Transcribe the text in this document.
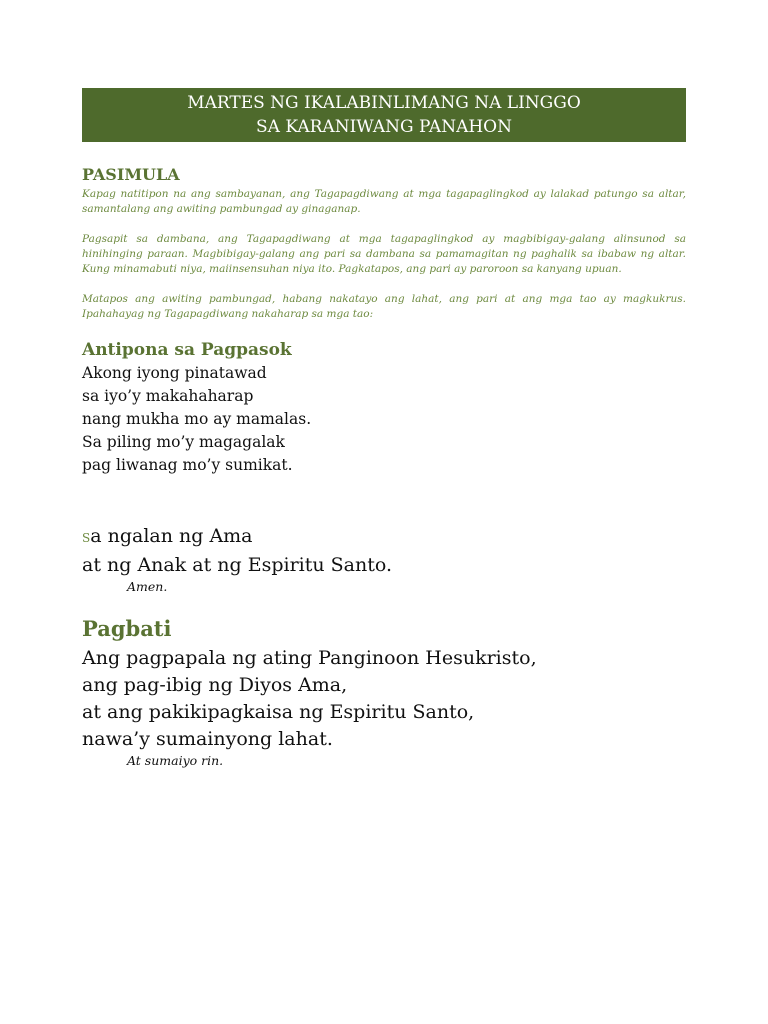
MARTES NG IKALABINLIMANG NA LINGGO
SA KARANIWANG PANAHON

PASIMULA

Kapag natitipon na ang sambayanan, ang Tagapagdiwang at mga tagapaglingkod ay lalakad patungo sa altar, samantalang ang awiting pambungad ay ginaganap.

Pagsapit sa dambana, ang Tagapagdiwang at mga tagapaglingkod ay magbibigay-galang alinsunod sa hinihinging paraan. Magbibigay-galang ang pari sa dambana sa pamamagitan ng paghalik sa ibabaw ng altar. Kung minamabuti niya, maiinsensuhan niya ito. Pagkatapos, ang pari ay paroroon sa kanyang upuan.

Matapos ang awiting pambungad, habang nakatayo ang lahat, ang pari at ang mga tao ay magkukrus. Ipahahayag ng Tagapagdiwang nakaharap sa mga tao:

Antipona sa Pagpasok

Akong iyong pinatawad
sa iyo’y makahaharap
nang mukha mo ay mamalas.
Sa piling mo’y magagalak
pag liwanag mo’y sumikat.
Sa ngalan ng Ama
at ng Anak at ng Espiritu Santo.

Amen.

Pagbati

Ang pagpapala ng ating Panginoon Hesukristo,
ang pag-ibig ng Diyos Ama,
at ang pakikipagkaisa ng Espiritu Santo,
nawa’y sumainyong lahat.

At sumaiyo rin.
